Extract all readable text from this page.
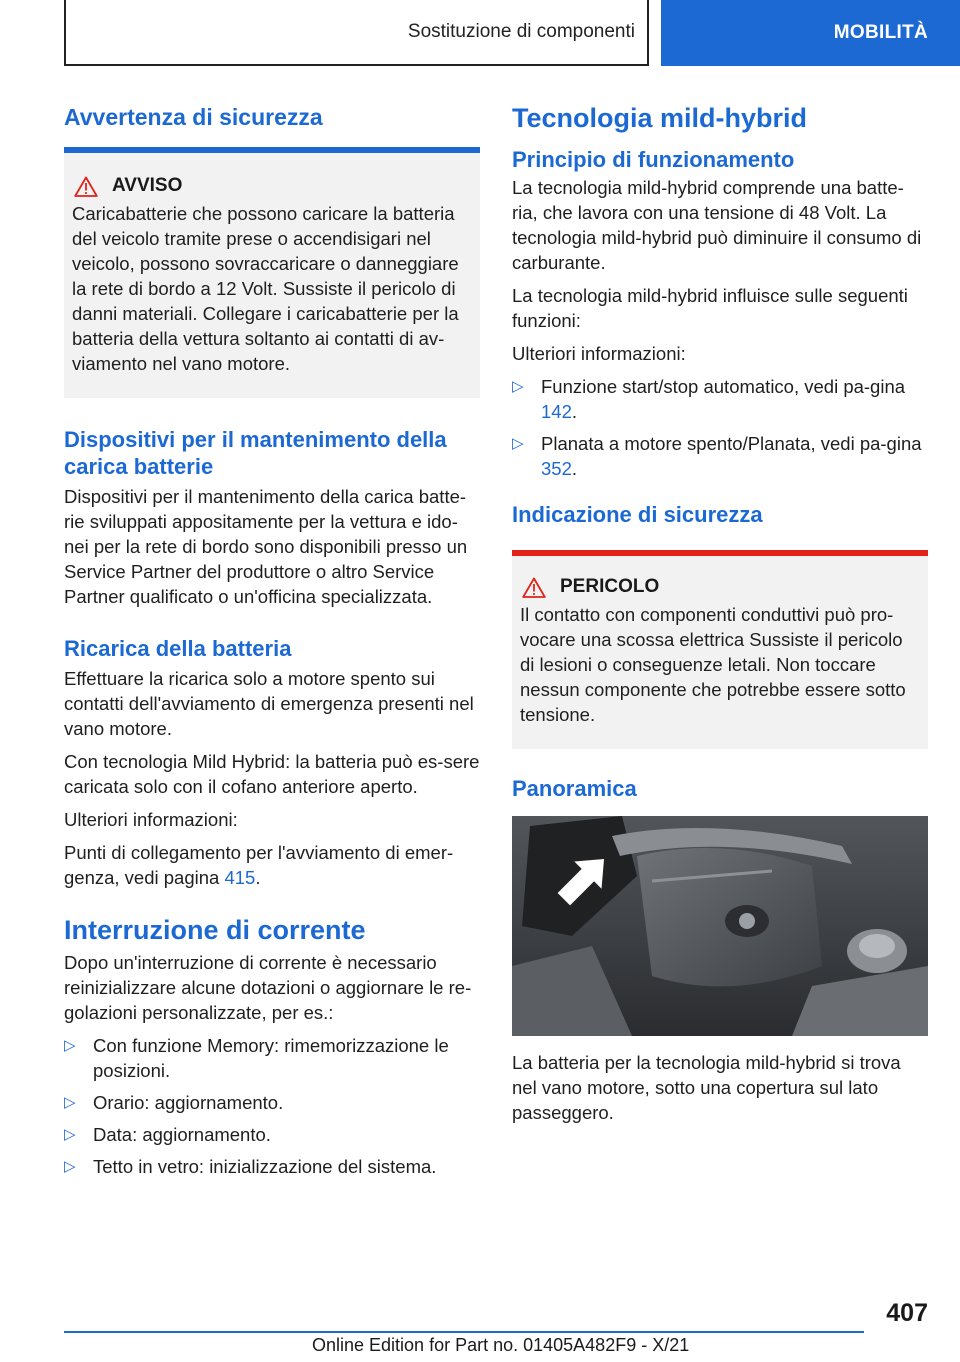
Sostituzione di componenti	MOBILITÀ
Avvertenza di sicurezza
AVVISO

Caricabatterie che possono caricare la batteria del veicolo tramite prese o accendisigari nel veicolo, possono sovraccaricare o danneggiare la rete di bordo a 12 Volt. Sussiste il pericolo di danni materiali. Collegare i caricabatterie per la batteria della vettura soltanto ai contatti di av-viamento nel vano motore.

Dispositivi per il mantenimento della carica batterie

Dispositivi per il mantenimento della carica batte-rie sviluppati appositamente per la vettura e ido-nei per la rete di bordo sono disponibili presso un Service Partner del produttore o altro Service Partner qualificato o un'officina specializzata.

Ricarica della batteria

Effettuare la ricarica solo a motore spento sui contatti dell'avviamento di emergenza presenti nel vano motore.

Con tecnologia Mild Hybrid: la batteria può es-sere caricata solo con il cofano anteriore aperto.

Ulteriori informazioni:

Punti di collegamento per l'avviamento di emer-genza, vedi pagina 415.

Interruzione di corrente

Dopo un'interruzione di corrente è necessario reinizializzare alcune dotazioni o aggiornare le re-golazioni personalizzate, per es.:

▷ Con funzione Memory: rimemorizzazione le posizioni.
▷ Orario: aggiornamento.
▷ Data: aggiornamento.
▷ Tetto in vetro: inizializzazione del sistema.
Tecnologia mild-hybrid
Principio di funzionamento

La tecnologia mild-hybrid comprende una batte-ria, che lavora con una tensione di 48 Volt. La tecnologia mild-hybrid può diminuire il consumo di carburante.

La tecnologia mild-hybrid influisce sulle seguenti funzioni:

Ulteriori informazioni:

▷ Funzione start/stop automatico, vedi pa-gina 142.
▷ Planata a motore spento/Planata, vedi pa-gina 352.
Indicazione di sicurezza
PERICOLO

Il contatto con componenti conduttivi può pro-vocare una scossa elettrica Sussiste il pericolo di lesioni o conseguenze letali. Non toccare nessun componente che potrebbe essere sotto tensione.

Panoramica

La batteria per la tecnologia mild-hybrid si trova nel vano motore, sotto una copertura sul lato passeggero.

407
Online Edition for Part no. 01405A482F9 - X/21
